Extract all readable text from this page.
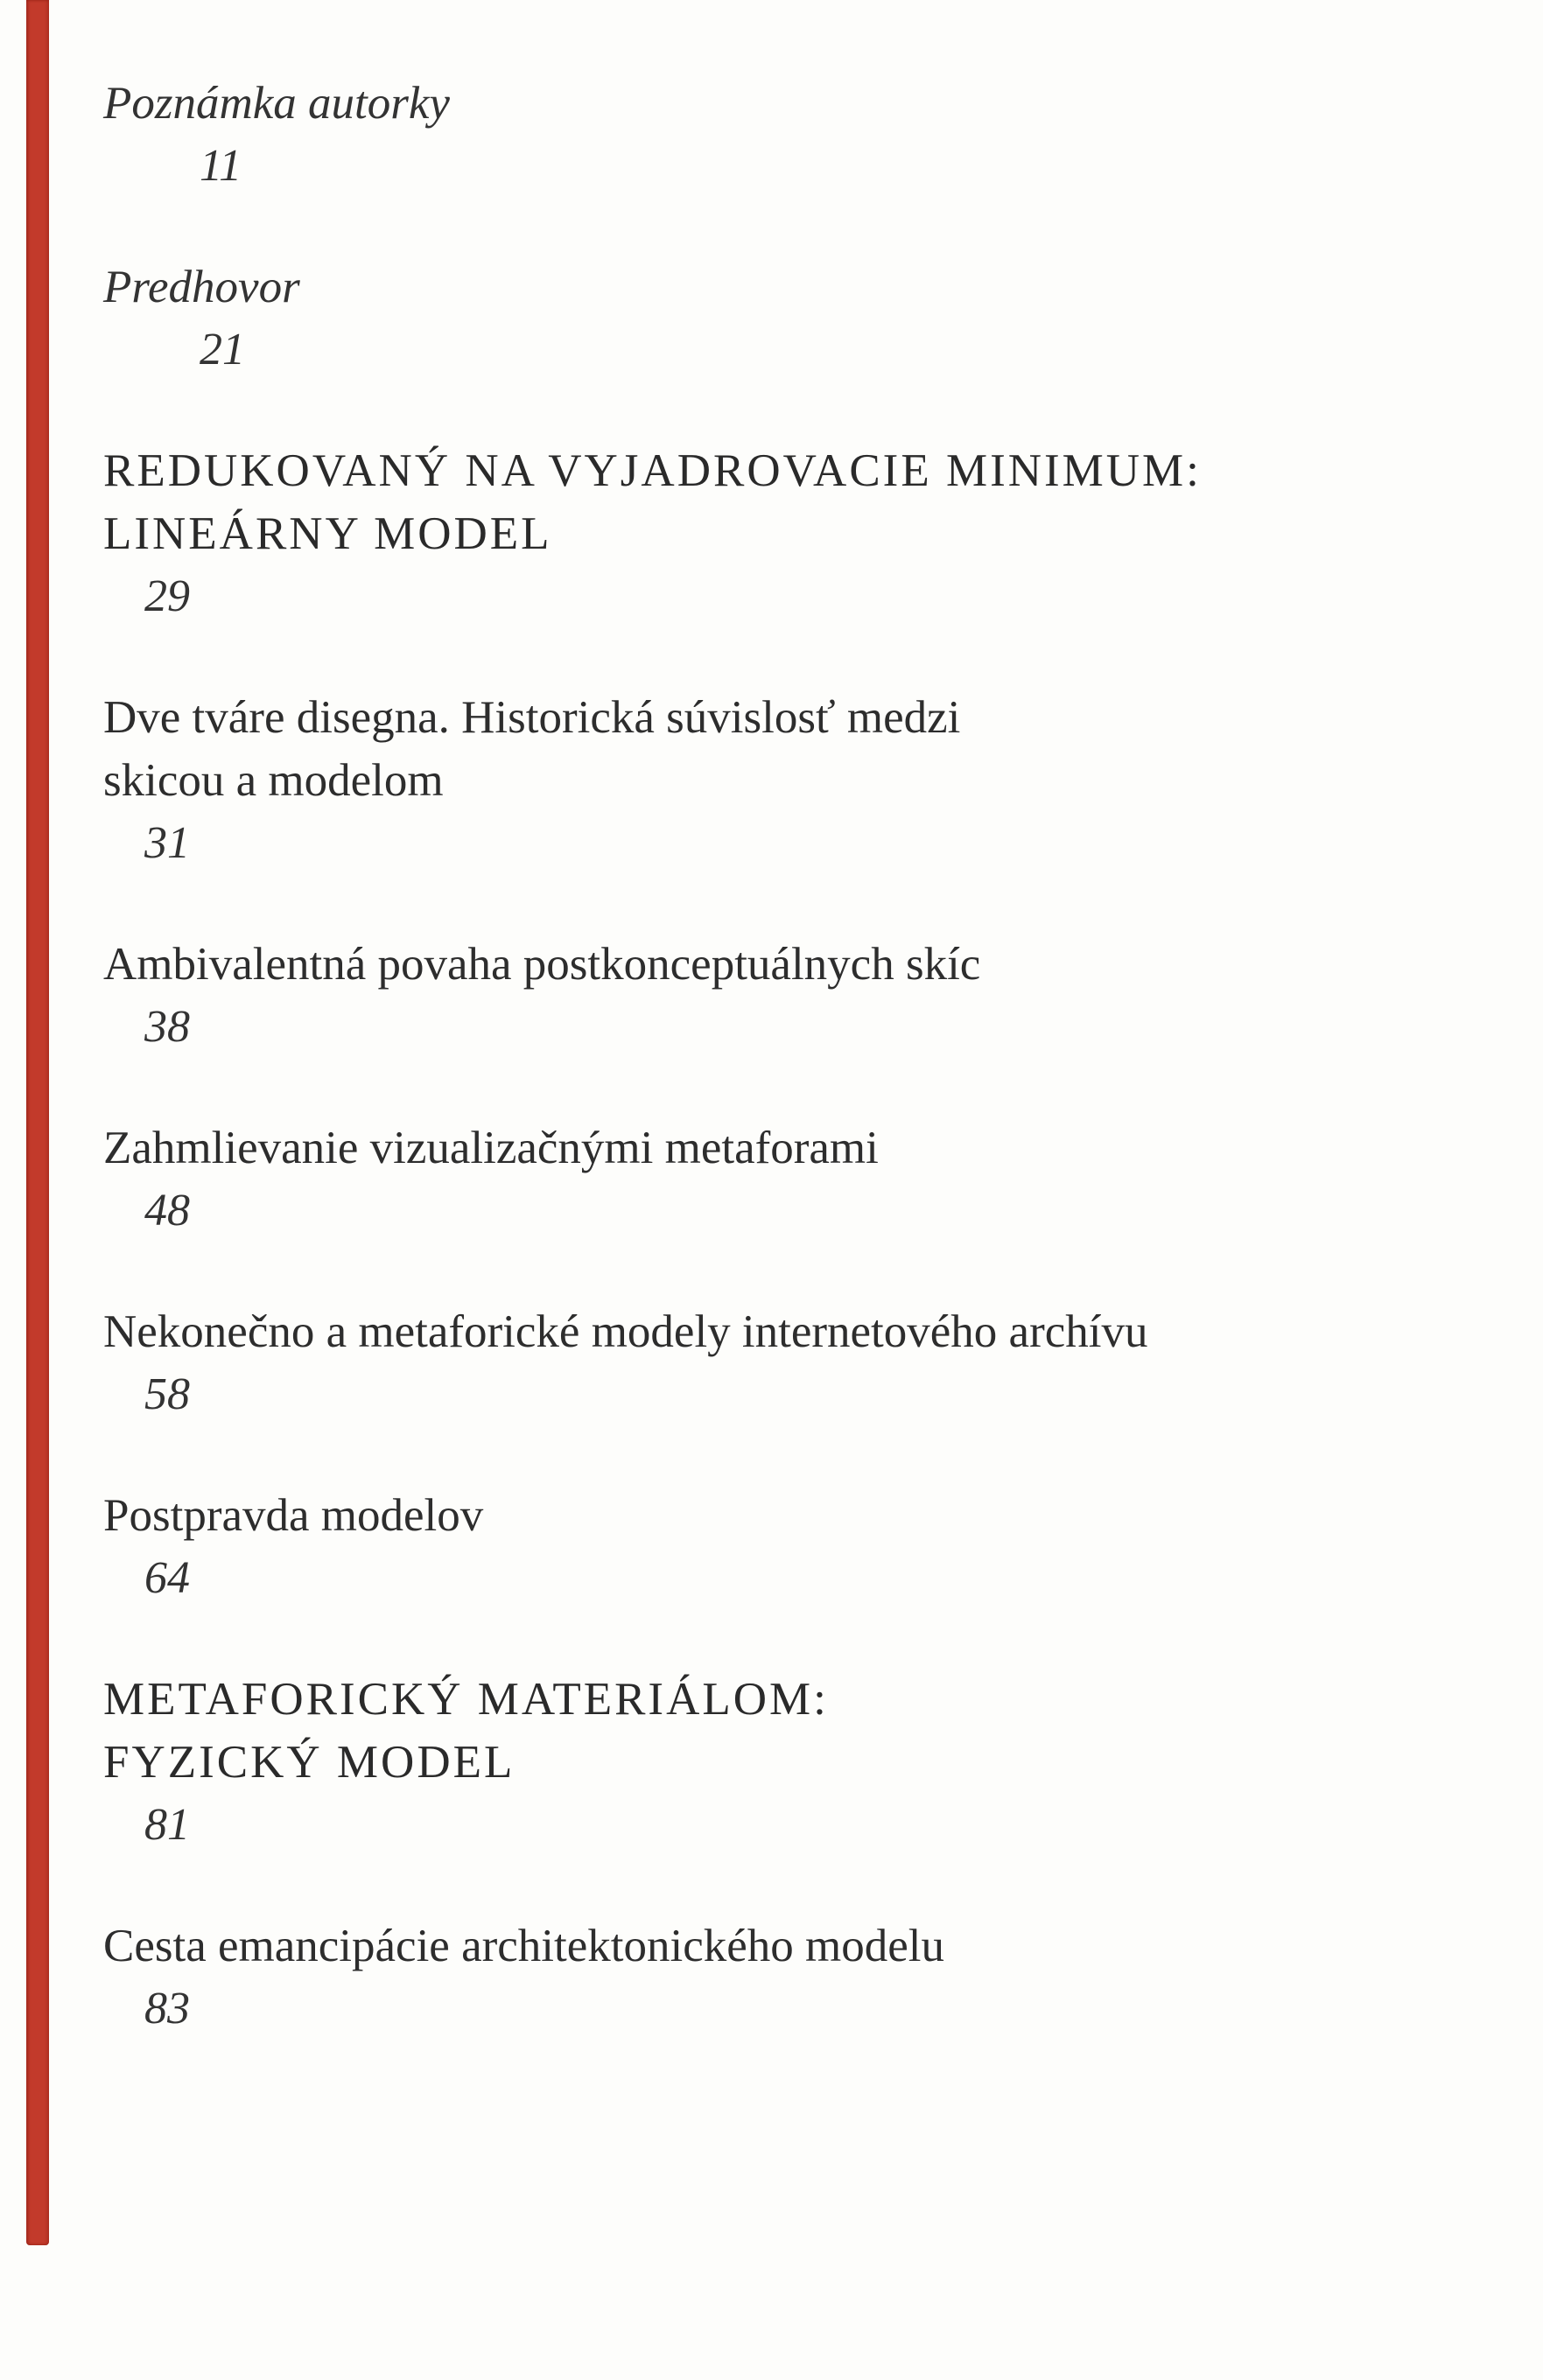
Poznámka autorky
11
Predhovor
21
REDUKOVANÝ NA VYJADROVACIE MINIMUM:
LINEÁRNY MODEL
29
Dve tváre disegna. Historická súvislosť medzi
skicou a modelom
31
Ambivalentná povaha postkonceptuálnych skíc
38
Zahmlievanie vizualizačnými metaforami
48
Nekonečno a metaforické modely internetového archívu
58
Postpravda modelov
64
METAFORICKÝ MATERIÁLOM:
FYZICKÝ MODEL
81
Cesta emancipácie architektonického modelu
83
